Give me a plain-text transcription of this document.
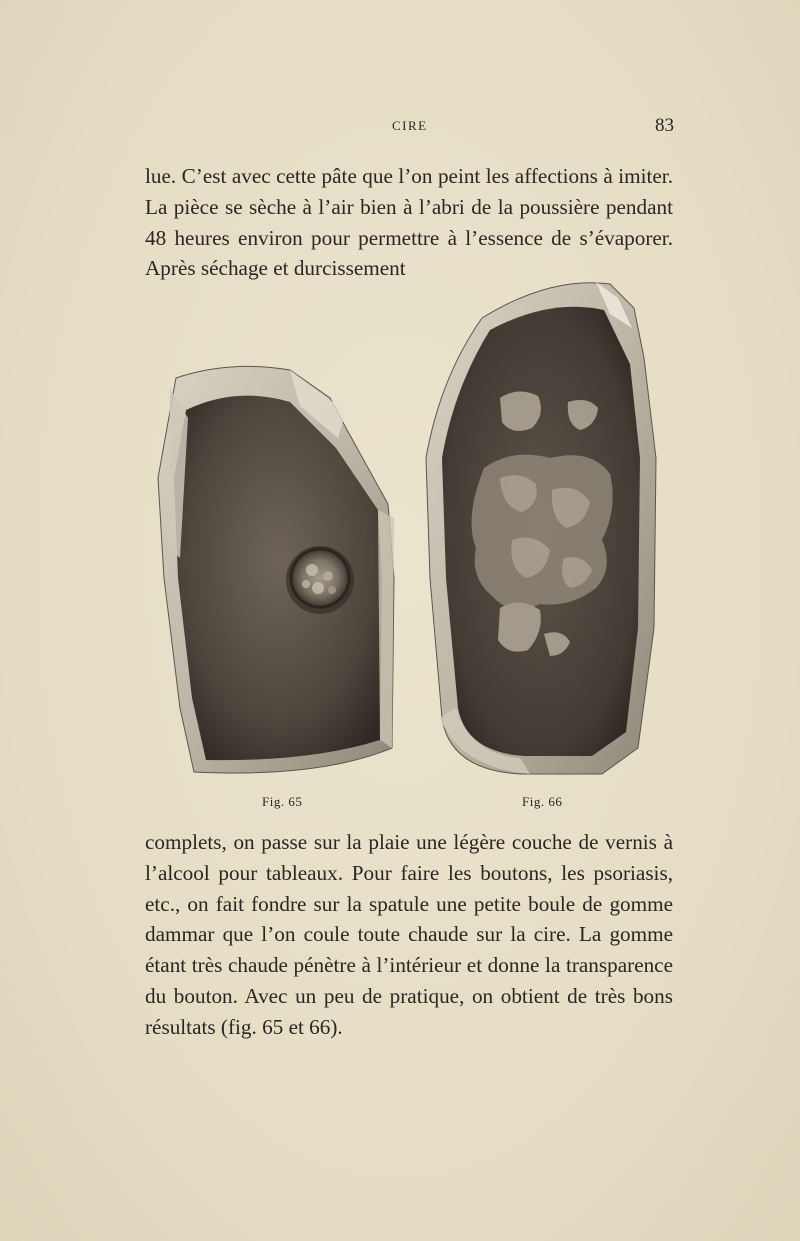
CIRE	83

lue. C’est avec cette pâte que l’on peint les affections à imiter. La pièce se sèche à l’air bien à l’abri de la poussière pendant 48 heures environ pour permettre à l’essence de s’évaporer. Après séchage et durcissement

Fig. 65	Fig. 66

complets, on passe sur la plaie une légère couche de vernis à l’alcool pour tableaux. Pour faire les boutons, les psoriasis, etc., on fait fondre sur la spatule une petite boule de gomme dammar que l’on coule toute chaude sur la cire. La gomme étant très chaude pénètre à l’intérieur et donne la transparence du bouton. Avec un peu de pratique, on obtient de très bons résultats (fig. 65 et 66).
